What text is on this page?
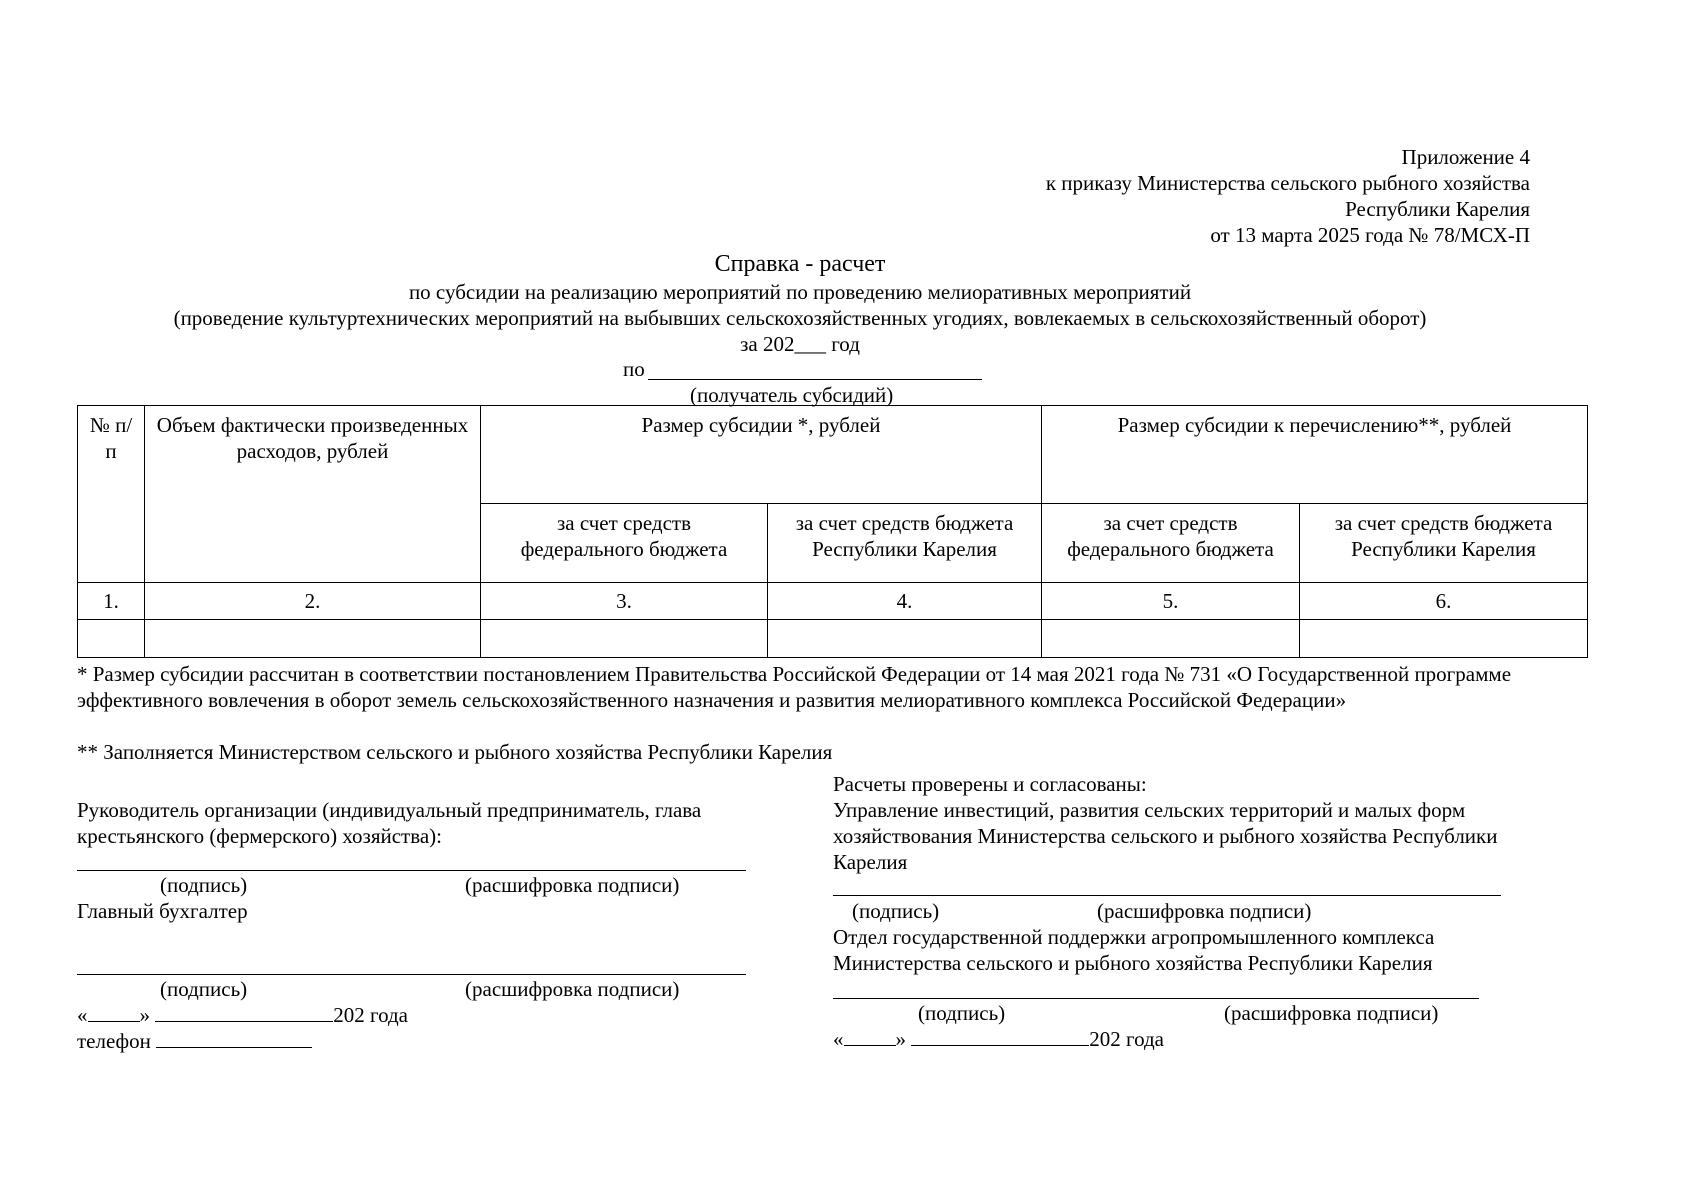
Приложение 4
к приказу Министерства сельского рыбного хозяйства
Республики Карелия
от 13 марта 2025 года № 78/МСХ-П
Справка - расчет
по субсидии на реализацию мероприятий по проведению мелиоративных мероприятий
(проведение культуртехнических мероприятий на выбывших сельскохозяйственных угодиях, вовлекаемых в сельскохозяйственный оборот)
за 202___ год
по
(получатель субсидий)
№ п/п	Объем фактически произведенных расходов, рублей	Размер субсидии *, рублей		Размер субсидии к перечислению**, рублей	
		за счет средств федерального бюджета	за счет средств бюджета Республики Карелия	за счет средств федерального бюджета	за счет средств бюджета Республики Карелия
1.	2.	3.	4.	5.	6.

* Размер субсидии рассчитан в соответствии постановлением Правительства Российской Федерации от 14 мая 2021 года № 731 «О Государственной программе эффективного вовлечения в оборот земель сельскохозяйственного назначения и развития мелиоративного комплекса Российской Федерации»
** Заполняется Министерством сельского и рыбного хозяйства Республики Карелия
Руководитель организации (индивидуальный предприниматель, глава крестьянского (фермерского) хозяйства):
(подпись)	(расшифровка подписи)
Главный бухгалтер
(подпись)	(расшифровка подписи)
« »	202 года
телефон
Расчеты проверены и согласованы:
Управление инвестиций, развития сельских территорий и малых форм хозяйствования Министерства сельского и рыбного хозяйства Республики Карелия
(подпись)	(расшифровка подписи)
Отдел государственной поддержки агропромышленного комплекса Министерства сельского и рыбного хозяйства Республики Карелия
(подпись)	(расшифровка подписи)
« »	202 года
